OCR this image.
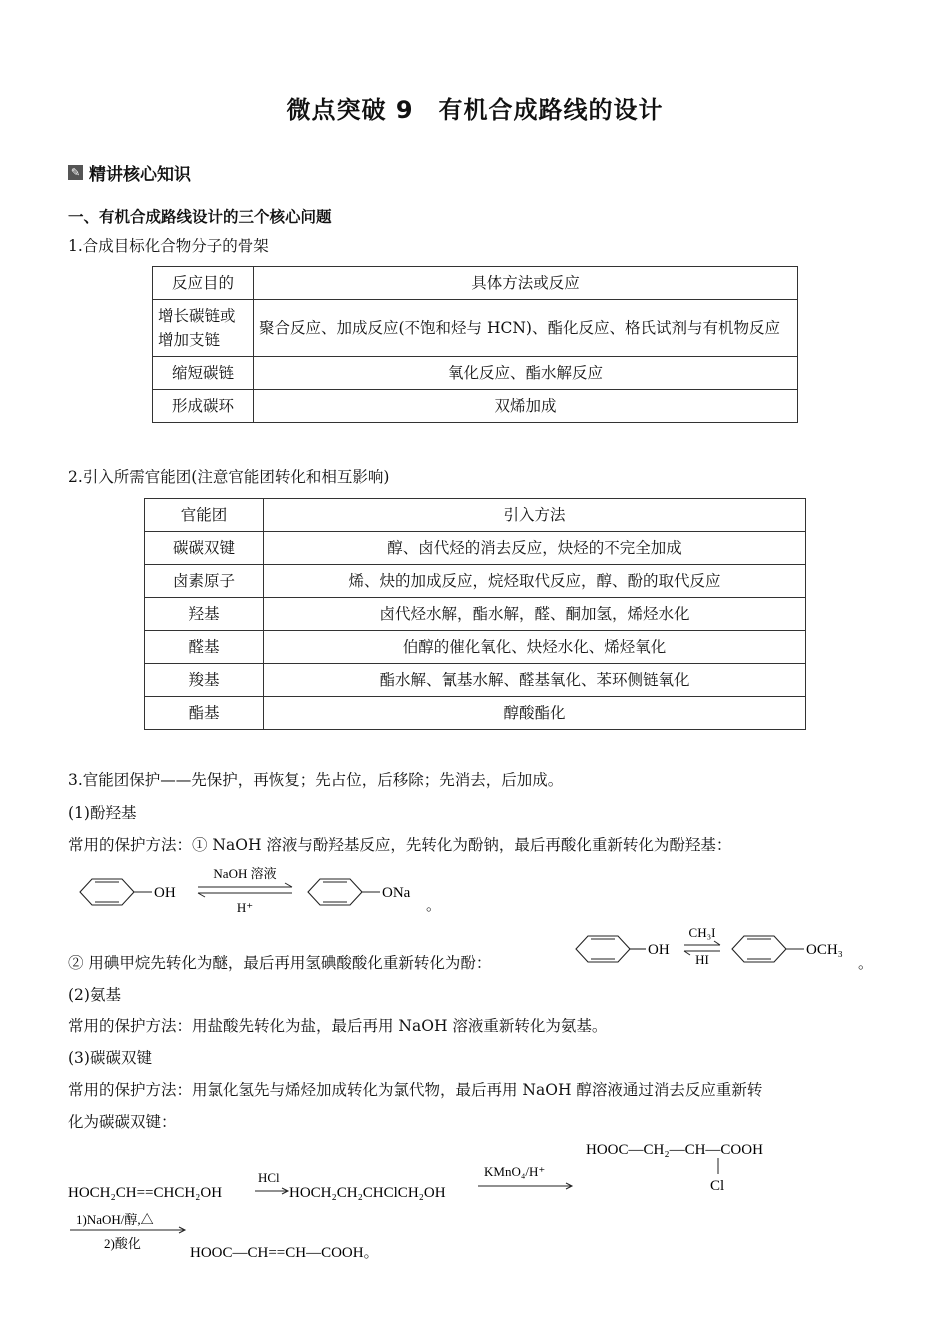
微点突破 9　有机合成路线的设计
✎ 精讲核心知识
一、有机合成路线设计的三个核心问题
1.合成目标化合物分子的骨架
反应目的	具体方法或反应
增长碳链或增加支链	聚合反应、加成反应(不饱和烃与 HCN)、酯化反应、格氏试剂与有机物反应
缩短碳链	氧化反应、酯水解反应
形成碳环	双烯加成
2.引入所需官能团(注意官能团转化和相互影响)
官能团	引入方法
碳碳双键	醇、卤代烃的消去反应，炔烃的不完全加成
卤素原子	烯、炔的加成反应，烷烃取代反应，醇、酚的取代反应
羟基	卤代烃水解，酯水解，醛、酮加氢，烯烃水化
醛基	伯醇的催化氧化、炔烃水化、烯烃氧化
羧基	酯水解、氰基水解、醛基氧化、苯环侧链氧化
酯基	醇酸酯化
3.官能团保护——先保护，再恢复；先占位，后移除；先消去，后加成。
(1)酚羟基
常用的保护方法：① NaOH 溶液与酚羟基反应，先转化为酚钠，最后再酸化重新转化为酚羟基：
OH
NaOH 溶液
H⁺
ONa
。
② 用碘甲烷先转化为醚，最后再用氢碘酸酸化重新转化为酚：
OH
CH₃I
HI
OCH₃
。
(2)氨基
常用的保护方法：用盐酸先转化为盐，最后再用 NaOH 溶液重新转化为氨基。
(3)碳碳双键
常用的保护方法：用氯化氢先与烯烃加成转化为氯代物，最后再用 NaOH 醇溶液通过消去反应重新转
化为碳碳双键：
HOCH₂CH==CHCH₂OH
HCl
HOCH₂CH₂CHClCH₂OH
KMnO₄/H⁺
HOOC—CH₂—CH—COOH
Cl
1)NaOH/醇,△
2)酸化
HOOC—CH==CH—COOH。
